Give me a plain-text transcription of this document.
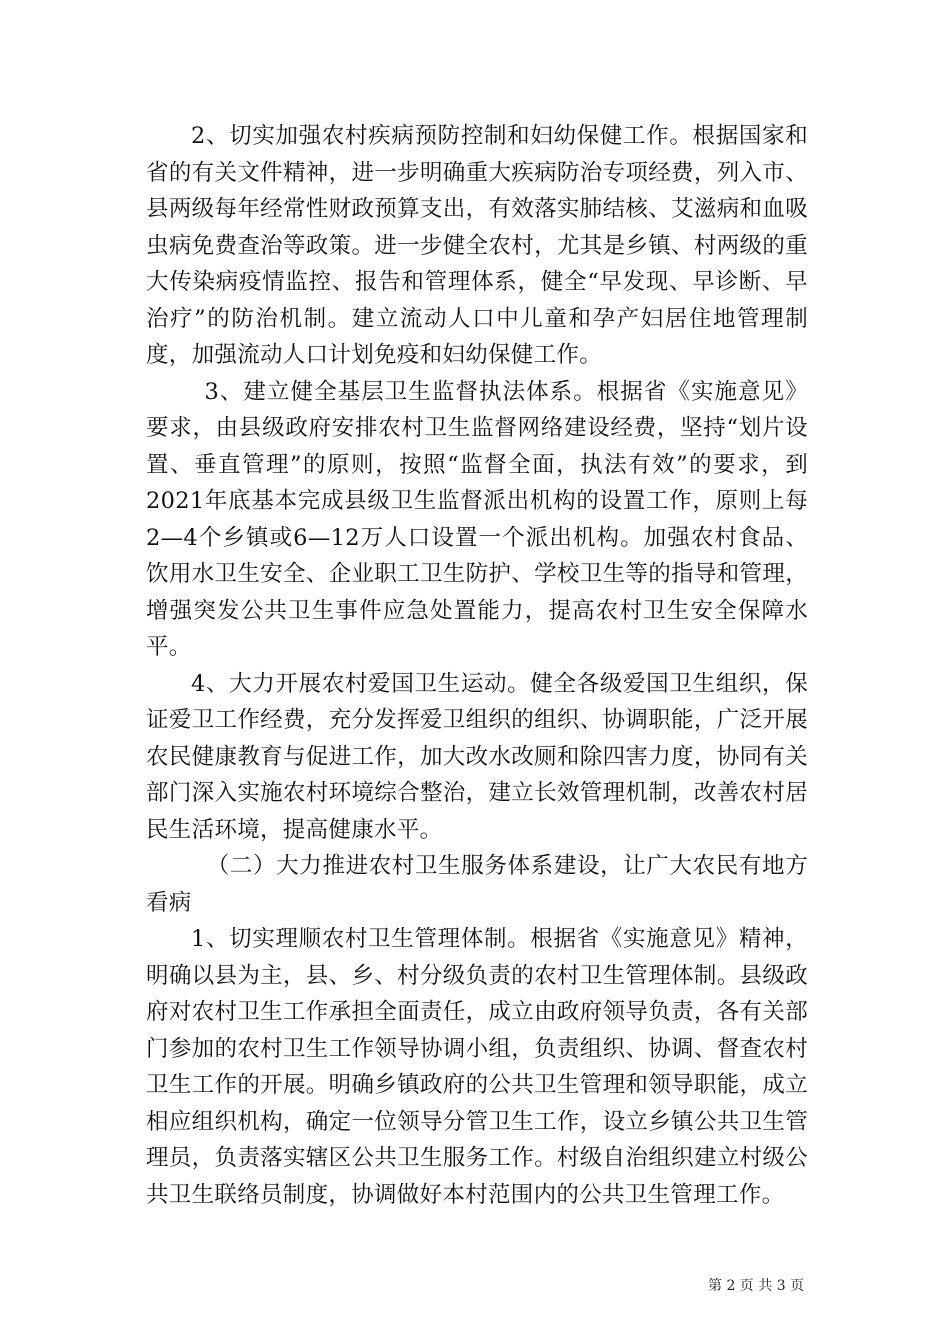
2、切实加强农村疾病预防控制和妇幼保健工作。根据国家和省的有关文件精神，进一步明确重大疾病防治专项经费，列入市、县两级每年经常性财政预算支出，有效落实肺结核、艾滋病和血吸虫病免费查治等政策。进一步健全农村，尤其是乡镇、村两级的重大传染病疫情监控、报告和管理体系，健全“早发现、早诊断、早治疗”的防治机制。建立流动人口中儿童和孕产妇居住地管理制度，加强流动人口计划免疫和妇幼保健工作。

3、建立健全基层卫生监督执法体系。根据省《实施意见》要求，由县级政府安排农村卫生监督网络建设经费，坚持“划片设置、垂直管理”的原则，按照“监督全面，执法有效”的要求，到2021年底基本完成县级卫生监督派出机构的设置工作，原则上每2—4个乡镇或6—12万人口设置一个派出机构。加强农村食品、饮用水卫生安全、企业职工卫生防护、学校卫生等的指导和管理，增强突发公共卫生事件应急处置能力，提高农村卫生安全保障水平。

4、大力开展农村爱国卫生运动。健全各级爱国卫生组织，保证爱卫工作经费，充分发挥爱卫组织的组织、协调职能，广泛开展农民健康教育与促进工作，加大改水改厕和除四害力度，协同有关部门深入实施农村环境综合整治，建立长效管理机制，改善农村居民生活环境，提高健康水平。

（二）大力推进农村卫生服务体系建设，让广大农民有地方看病

1、切实理顺农村卫生管理体制。根据省《实施意见》精神，明确以县为主，县、乡、村分级负责的农村卫生管理体制。县级政府对农村卫生工作承担全面责任，成立由政府领导负责，各有关部门参加的农村卫生工作领导协调小组，负责组织、协调、督查农村卫生工作的开展。明确乡镇政府的公共卫生管理和领导职能，成立相应组织机构，确定一位领导分管卫生工作，设立乡镇公共卫生管理员，负责落实辖区公共卫生服务工作。村级自治组织建立村级公共卫生联络员制度，协调做好本村范围内的公共卫生管理工作。

第 2 页 共 3 页
